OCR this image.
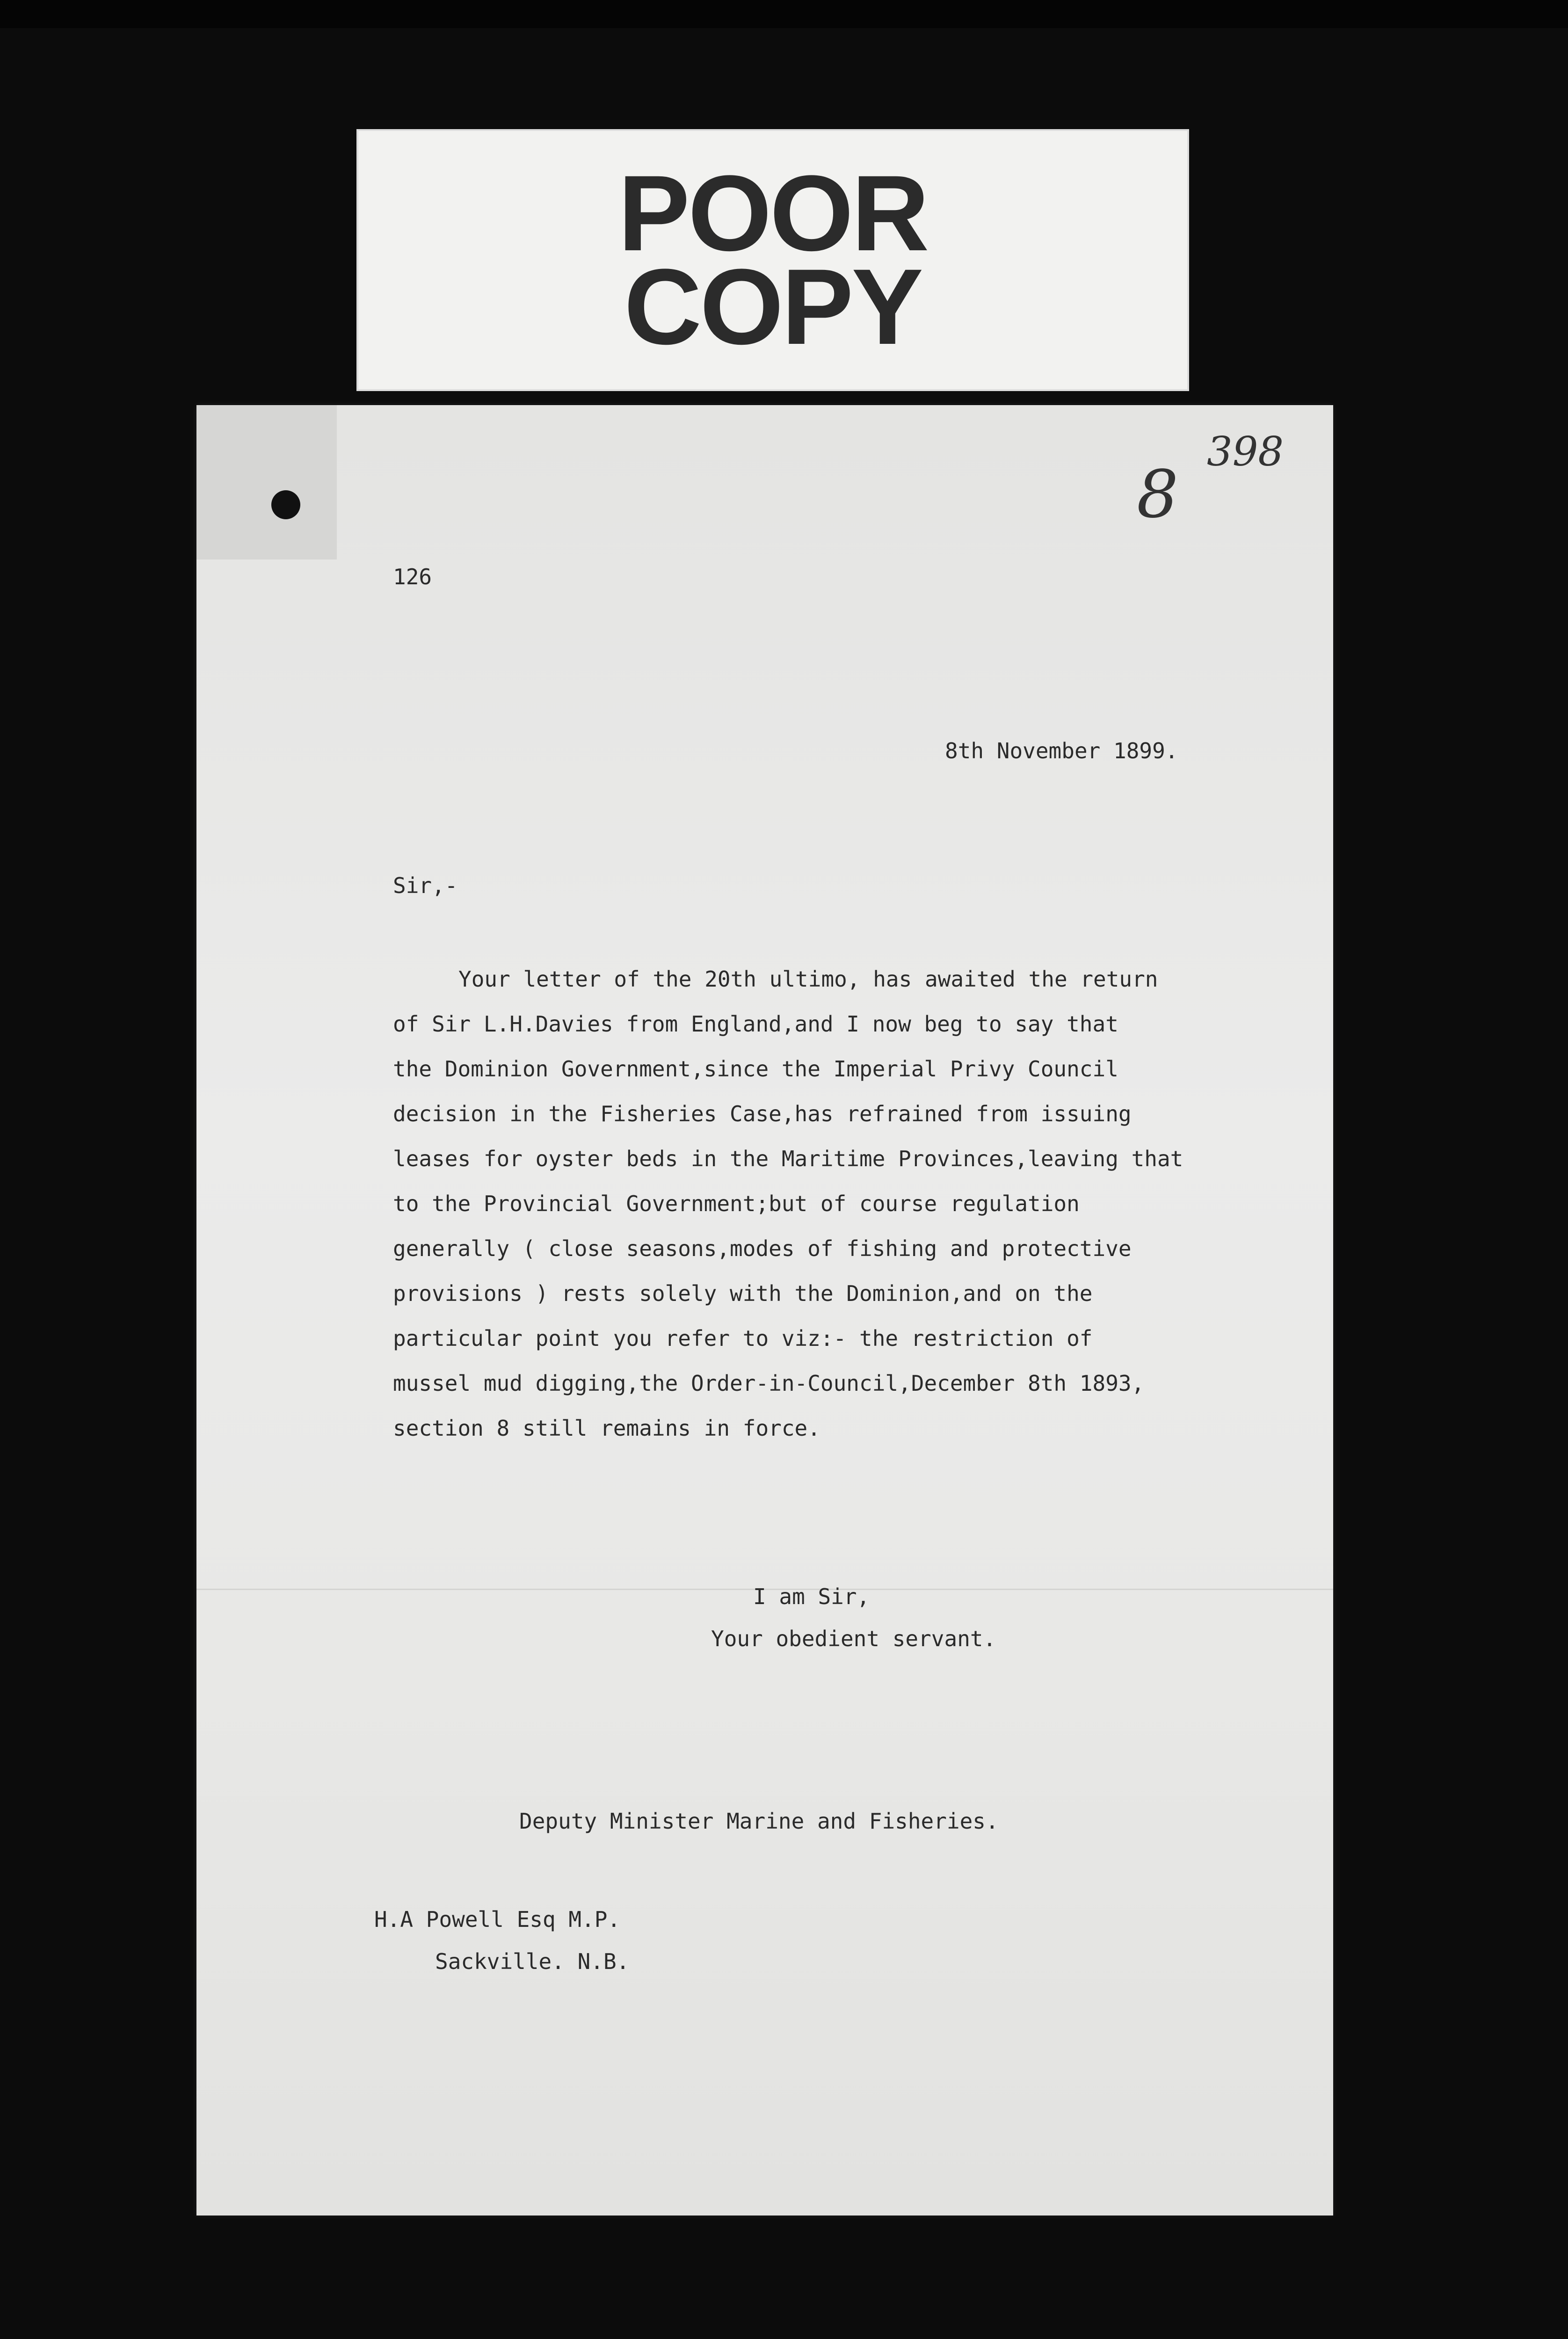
POOR
COPY
398
8
126
8th November 1899.
Sir,-
Your letter of the 20th ultimo, has awaited the return
of Sir L.H.Davies from England,and I now beg to say that
the Dominion Government,since the Imperial Privy Council
decision in the Fisheries Case,has refrained from issuing
leases for oyster beds in the Maritime Provinces,leaving that
to the Provincial Government;but of course regulation
generally ( close seasons,modes of fishing and protective
provisions ) rests solely with the Dominion,and on the
particular point you refer to viz:- the restriction of
mussel mud digging,the Order-in-Council,December 8th 1893,
section 8 still remains in force.
I am Sir,
Your obedient servant.
Deputy Minister Marine and Fisheries.
H.A Powell Esq M.P.
Sackville. N.B.
